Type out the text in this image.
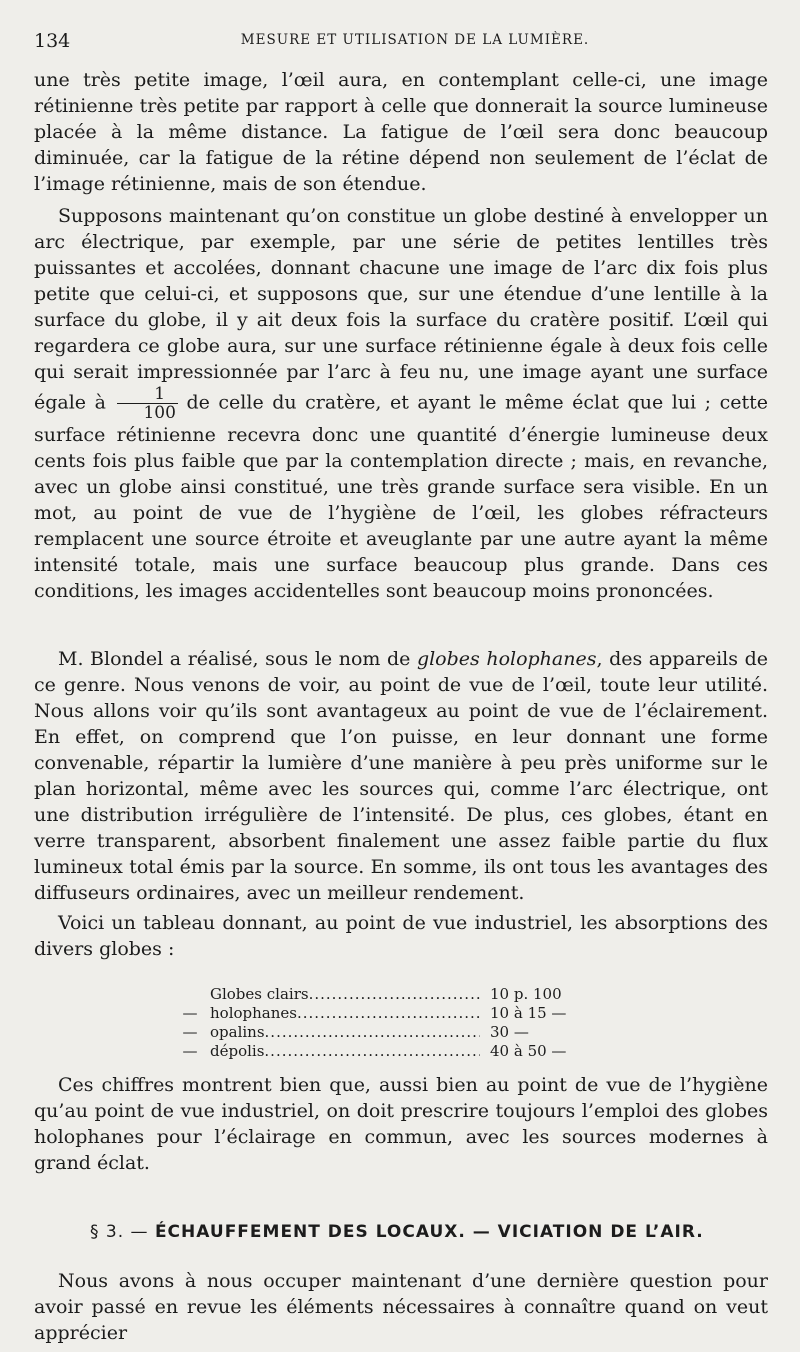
134	MESURE ET UTILISATION DE LA LUMIÈRE.

une très petite image, l’œil aura, en contemplant celle-ci, une image rétinienne très petite par rapport à celle que donnerait la source lumineuse placée à la même distance. La fatigue de l’œil sera donc beaucoup diminuée, car la fatigue de la rétine dépend non seulement de l’éclat de l’image rétinienne, mais de son étendue.

Supposons maintenant qu’on constitue un globe destiné à envelopper un arc électrique, par exemple, par une série de petites lentilles très puissantes et accolées, donnant chacune une image de l’arc dix fois plus petite que celui-ci, et supposons que, sur une étendue d’une lentille à la surface du globe, il y ait deux fois la surface du cratère positif. L’œil qui regardera ce globe aura, sur une surface rétinienne égale à deux fois celle qui serait impressionnée par l’arc à feu nu, une image ayant une surface égale à $\frac{1}{100}$ de celle du cratère, et ayant le même éclat que lui ; cette surface rétinienne recevra donc une quantité d’énergie lumineuse deux cents fois plus faible que par la contemplation directe ; mais, en revanche, avec un globe ainsi constitué, une très grande surface sera visible. En un mot, au point de vue de l’hygiène de l’œil, les globes réfracteurs remplacent une source étroite et aveuglante par une autre ayant la même intensité totale, mais une surface beaucoup plus grande. Dans ces conditions, les images accidentelles sont beaucoup moins prononcées.

M. Blondel a réalisé, sous le nom de globes holophanes, des appareils de ce genre. Nous venons de voir, au point de vue de l’œil, toute leur utilité. Nous allons voir qu’ils sont avantageux au point de vue de l’éclairement. En effet, on comprend que l’on puisse, en leur donnant une forme convenable, répartir la lumière d’une manière à peu près uniforme sur le plan horizontal, même avec les sources qui, comme l’arc électrique, ont une distribution irrégulière de l’intensité. De plus, ces globes, étant en verre transparent, absorbent finalement une assez faible partie du flux lumineux total émis par la source. En somme, ils ont tous les avantages des diffuseurs ordinaires, avec un meilleur rendement.

Voici un tableau donnant, au point de vue industriel, les absorptions des divers globes :

Globes clairs .....	10 p. 100
— holophanes .....	10 à 15 —
— opalins .....	30 —
— dépolis .....	40 à 50 —

Ces chiffres montrent bien que, aussi bien au point de vue de l’hygiène qu’au point de vue industriel, on doit prescrire toujours l’emploi des globes holophanes pour l’éclairage en commun, avec les sources modernes à grand éclat.

§ 3. — ÉCHAUFFEMENT DES LOCAUX. — VICIATION DE L’AIR.

Nous avons à nous occuper maintenant d’une dernière question pour avoir passé en revue les éléments nécessaires à connaître quand on veut apprécier
